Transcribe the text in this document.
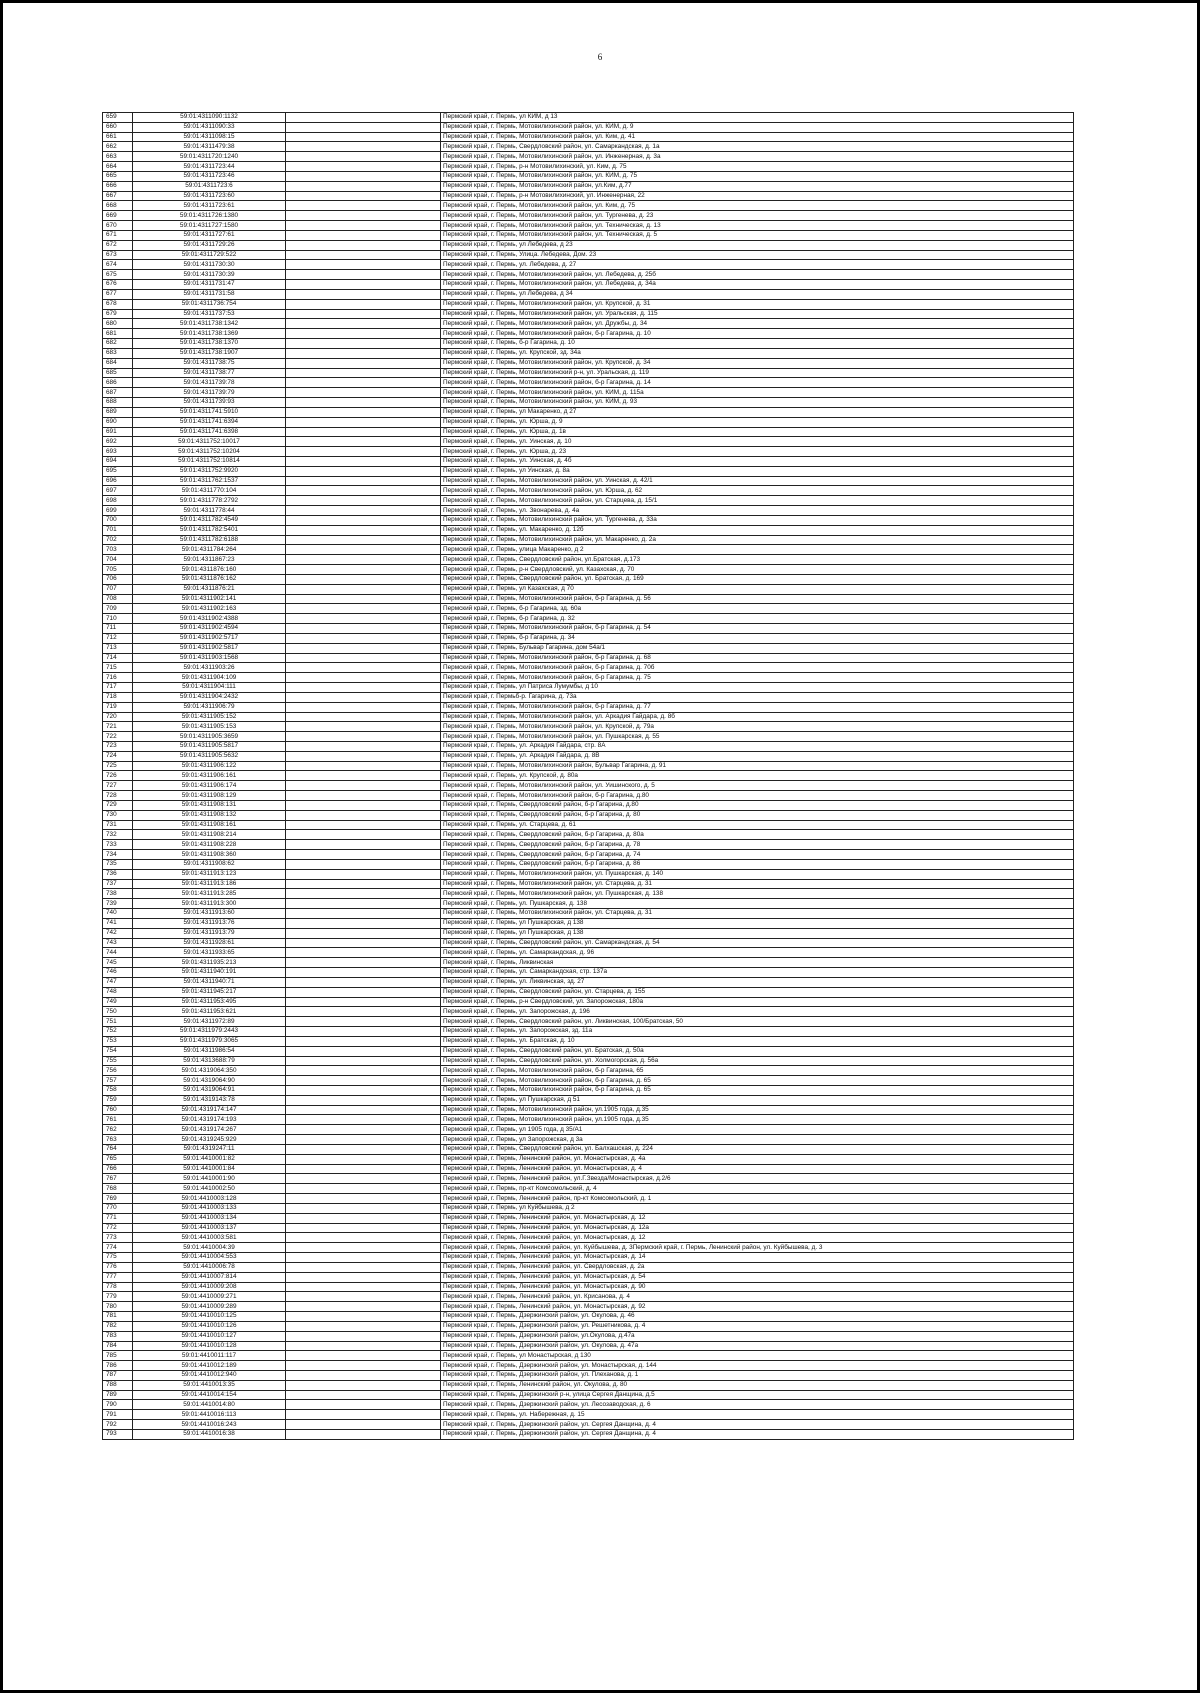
6
659	59:01:4311090:1132		Пермский край, г. Пермь, ул КИМ, д 13
660	59:01:4311090:33		Пермский край, г. Пермь, Мотовилихинский район, ул. КИМ, д. 9
661	59:01:4311098:15		Пермский край, г. Пермь, Мотовилихинский район, ул. Ким, д. 41
662	59:01:4311479:38		Пермский край, г. Пермь, Свердловский район, ул. Самаркандская, д. 1а
663	59:01:4311720:1240		Пермский край, г. Пермь, Мотовилихинский район, ул. Инженерная, д. 3а
664	59:01:4311723:44		Пермский край, г. Пермь, р-н Мотовилихинский, ул. Ким, д. 75
665	59:01:4311723:46		Пермский край, г. Пермь, Мотовилихинский район, ул. КИМ, д. 75
666	59:01:4311723:6		Пермский край, г. Пермь, Мотовилихинский район, ул.Ким, д.77
667	59:01:4311723:60		Пермский край, г. Пермь, р-н Мотовилихинский, ул. Инженерная, 22
668	59:01:4311723:61		Пермский край, г. Пермь, Мотовилихинский район, ул. Ким, д. 75
669	59:01:4311726:1380		Пермский край, г. Пермь, Мотовилихинский район, ул. Тургенева, д. 23
670	59:01:4311727:1580		Пермский край, г. Пермь, Мотовилихинский район, ул. Техническая, д. 13
671	59:01:4311727:61		Пермский край, г. Пермь, Мотовилихинский район, ул. Техническая, д. 5
672	59:01:4311729:26		Пермский край, г. Пермь, ул Лебедева, д 23
673	59:01:4311729:522		Пермский край, г. Пермь, Улица. Лебедева, Дом. 23
674	59:01:4311730:30		Пермский край, г. Пермь, ул. Лебедева, д. 27
675	59:01:4311730:39		Пермский край, г. Пермь, Мотовилихинский район, ул. Лебедева, д. 25б
676	59:01:4311731:47		Пермский край, г. Пермь, Мотовилихинский район, ул. Лебедева, д. 34а
677	59:01:4311731:58		Пермский край, г. Пермь, ул Лебедева, д 34
678	59:01:4311736:754		Пермский край, г. Пермь, Мотовилихинский район, ул. Крупской, д. 31
679	59:01:4311737:53		Пермский край, г. Пермь, Мотовилихинский район, ул. Уральская, д. 115
680	59:01:4311738:1342		Пермский край, г. Пермь, Мотовилихинский район, ул. Дружбы, д. 34
681	59:01:4311738:1369		Пермский край, г. Пермь, Мотовилихинский район, б-р Гагарина, д. 10
682	59:01:4311738:1370		Пермский край, г. Пермь, б-р Гагарина, д. 10
683	59:01:4311738:1907		Пермский край, г. Пермь, ул. Крупской, зд. 34а
684	59:01:4311738:75		Пермский край, г. Пермь, Мотовилихинский район, ул. Крупской, д. 34
685	59:01:4311738:77		Пермский край, г. Пермь, Мотовилихинский р-н, ул. Уральская, д. 119
686	59:01:4311739:78		Пермский край, г. Пермь, Мотовилихинский район, б-р Гагарина, д. 14
687	59:01:4311739:79		Пермский край, г. Пермь, Мотовилихинский район, ул. КИМ, д. 115а
688	59:01:4311739:93		Пермский край, г. Пермь, Мотовилихинский район, ул. КИМ, д. 93
689	59:01:4311741:5910		Пермский край, г. Пермь, ул Макаренко, д 27
690	59:01:4311741:6394		Пермский край, г. Пермь, ул. Юрша, д. 9
691	59:01:4311741:6398		Пермский край, г. Пермь, ул. Юрша, д. 1в
692	59:01:4311752:10017		Пермский край, г. Пермь, ул. Уинская, д. 10
693	59:01:4311752:10204		Пермский край, г. Пермь, ул. Юрша, д. 23
694	59:01:4311752:10814		Пермский край, г. Пермь, ул. Уинская, д. 4б
695	59:01:4311752:9920		Пермский край, г. Пермь, ул Уинская, д. 8а
696	59:01:4311762:1537		Пермский край, г. Пермь, Мотовилихинский район, ул. Уинская, д. 42/1
697	59:01:4311770:104		Пермский край, г. Пермь, Мотовилихинский район, ул. Юрша, д. 62
698	59:01:4311778:2792		Пермский край, г. Пермь, Мотовилихинский район, ул. Старцева, д. 15/1
699	59:01:4311778:44		Пермский край, г. Пермь, ул. Звонарева, д. 4а
700	59:01:4311782:4549		Пермский край, г. Пермь, Мотовилихинский район, ул. Тургенева, д. 33а
701	59:01:4311782:5401		Пермский край, г. Пермь, ул. Макаренко, д. 12б
702	59:01:4311782:6188		Пермский край, г. Пермь, Мотовилихинский район, ул. Макаренко, д. 2а
703	59:01:4311784:264		Пермский край, г. Пермь, улица Макаренко, д 2
704	59:01:4311867:23		Пермский край, г. Пермь, Свердловский район, ул.Братская, д.173
705	59:01:4311876:160		Пермский край, г. Пермь, р-н Свердловский, ул. Казахская, д. 70
706	59:01:4311876:162		Пермский край, г. Пермь, Свердловский район, ул. Братская, д. 169
707	59:01:4311876:21		Пермский край, г. Пермь, ул Казахская, д 70
708	59:01:4311902:141		Пермский край, г. Пермь, Мотовилихинский район, б-р Гагарина, д. 56
709	59:01:4311902:163		Пермский край, г. Пермь, б-р Гагарина, зд. 60а
710	59:01:4311902:4388		Пермский край, г. Пермь, б-р Гагарина, д. 32
711	59:01:4311902:4594		Пермский край, г. Пермь, Мотовилихинский район, б-р Гагарина, д. 54
712	59:01:4311902:5717		Пермский край, г. Пермь, б-р Гагарина, д. 34
713	59:01:4311902:5817		Пермский край, г. Пермь, Бульвар Гагарина, дом 54а/1
714	59:01:4311903:1568		Пермский край, г. Пермь, Мотовилихинский район, б-р Гагарина, д. 68
715	59:01:4311903:26		Пермский край, г. Пермь, Мотовилихинский район, б-р Гагарина, д. 70б
716	59:01:4311904:109		Пермский край, г. Пермь, Мотовилихинский район, б-р Гагарина, д. 75
717	59:01:4311904:111		Пермский край, г. Пермь, ул Патриса Лумумбы, д 10
718	59:01:4311904:2432		Пермский край, г. Пермьб-р. Гагарина, д. 73а
719	59:01:4311906:79		Пермский край, г. Пермь, Мотовилихинский район, б-р Гагарина, д. 77
720	59:01:4311905:152		Пермский край, г. Пермь, Мотовилихинский район, ул. Аркадия Гайдара, д. 8б
721	59:01:4311905:153		Пермский край, г. Пермь, Мотовилихинский район, ул. Крупской, д. 79а
722	59:01:4311905:3659		Пермский край, г. Пермь, Мотовилихинский район, ул. Пушкарская, д. 55
723	59:01:4311905:5817		Пермский край, г. Пермь, ул. Аркадия Гайдара, стр. 8А
724	59:01:4311905:5632		Пермский край, г. Пермь, ул. Аркадия Гайдара, д. 8В
725	59:01:4311906:122		Пермский край, г. Пермь, Мотовилихинский район, Бульвар Гагарина, д. 91
726	59:01:4311906:161		Пермский край, г. Пермь, ул. Крупской, д. 80а
727	59:01:4311906:174		Пермский край, г. Пермь, Мотовилихинский район, ул. Уишинского, д. 5
728	59:01:4311908:129		Пермский край, г. Пермь, Мотовилихинский район, б-р Гагарина, д.80
729	59:01:4311908:131		Пермский край, г. Пермь, Свердловский район, б-р Гагарина, д.80
730	59:01:4311908:132		Пермский край, г. Пермь, Свердловский район, б-р Гагарина, д. 80
731	59:01:4311908:161		Пермский край, г. Пермь, ул. Старцева, д. 61
732	59:01:4311908:214		Пермский край, г. Пермь, Свердловский район, б-р Гагарина, д. 80а
733	59:01:4311908:228		Пермский край, г. Пермь, Свердловский район, б-р Гагарина, д. 78
734	59:01:4311908:360		Пермский край, г. Пермь, Свердловский район, б-р Гагарина, д. 74
735	59:01:4311908:62		Пермский край, г. Пермь, Свердловский район, б-р Гагарина, д. 86
736	59:01:4311913:123		Пермский край, г. Пермь, Мотовилихинский район, ул. Пушкарская, д. 140
737	59:01:4311913:186		Пермский край, г. Пермь, Мотовилихинский район, ул. Старцева, д. 31
738	59:01:4311913:285		Пермский край, г. Пермь, Мотовилихинский район, ул. Пушкарская, д. 138
739	59:01:4311913:300		Пермский край, г. Пермь, ул. Пушкарская, д. 138
740	59:01:4311913:60		Пермский край, г. Пермь, Мотовилихинский район, ул. Старцева, д. 31
741	59:01:4311913:76		Пермский край, г. Пермь, ул Пушкарская, д 138
742	59:01:4311913:79		Пермский край, г. Пермь, ул Пушкарская, д 138
743	59:01:4311928:61		Пермский край, г. Пермь, Свердловский район, ул. Самаркандская, д. 54
744	59:01:4311933:65		Пермский край, г. Пермь, ул. Самаркандская, д. 96
745	59:01:4311935:213		Пермский край, г. Пермь, Ликвинская
746	59:01:4311940:191		Пермский край, г. Пермь, ул. Самаркандская, стр. 137а
747	59:01:4311940:71		Пермский край, г. Пермь, ул. Ликвинская, зд. 27
748	59:01:4311945:217		Пермский край, г. Пермь, Свердловский район, ул. Старцева, д. 155
749	59:01:4311953:495		Пермский край, г. Пермь, р-н Свердловский, ул. Запорожская, 180а
750	59:01:4311953:621		Пермский край, г. Пермь, ул. Запорожская, д. 196
751	59:01:4311972:89		Пермский край, г. Пермь, Свердловский район, ул. Ликвинская, 100/Братская, 50
752	59:01:4311979:2443		Пермский край, г. Пермь, ул. Запорожская, зд. 11а
753	59:01:4311979:3065		Пермский край, г. Пермь, ул. Братская, д. 10
754	59:01:4311986:54		Пермский край, г. Пермь, Свердловский район, ул. Братская, д. 50а
755	59:01:4313688:79		Пермский край, г. Пермь, Свердловский район, ул. Холмогорская, д. 56а
756	59:01:4319064:350		Пермский край, г. Пермь, Мотовилихинский район, б-р Гагарина, 65
757	59:01:4319064:90		Пермский край, г. Пермь, Мотовилихинский район, б-р Гагарина, д. 65
758	59:01:4319064:91		Пермский край, г. Пермь, Мотовилихинский район, б-р Гагарина, д. 65
759	59:01:4319143:78		Пермский край, г. Пермь, ул Пушкарская, д 51
760	59:01:4319174:147		Пермский край, г. Пермь, Мотовилихинский район, ул.1905 года, д.35
761	59:01:4319174:193		Пермский край, г. Пермь, Мотовилихинский район, ул.1905 года, д.35
762	59:01:4319174:267		Пермский край, г. Пермь, ул 1905 года, д 35/А1
763	59:01:4319245:929		Пермский край, г. Пермь, ул Запорожская, д 3а
764	59:01:4319247:11		Пермский край, г. Пермь, Свердловский район, ул. Балхашская, д. 224
765	59:01:4410001:82		Пермский край, г. Пермь, Ленинский район, ул. Монастырская, д. 4а
766	59:01:4410001:84		Пермский край, г. Пермь, Ленинский район, ул. Монастырская, д. 4
767	59:01:4410001:90		Пермский край, г. Пермь, Ленинский район, ул.Г.Звезда/Монастырская, д.2/6
768	59:01:4410002:50		Пермский край, г. Пермь, пр-кт Комсомольский, д. 4
769	59:01:4410003:128		Пермский край, г. Пермь, Ленинский район, пр-кт Комсомольский, д. 1
770	59:01:4410003:133		Пермский край, г. Пермь, ул Куйбышева, д 2
771	59:01:4410003:134		Пермский край, г. Пермь, Ленинский район, ул. Монастырская, д. 12
772	59:01:4410003:137		Пермский край, г. Пермь, Ленинский район, ул. Монастырская, д. 12а
773	59:01:4410003:581		Пермский край, г. Пермь, Ленинский район, ул. Монастырская, д. 12
774	59:01:4410004:39		Пермский край, г. Пермь, Ленинский район, ул. Куйбышева, д. 3Пермский край, г. Пермь, Ленинский район, ул. Куйбышева, д. 3
775	59:01:4410004:553		Пермский край, г. Пермь, Ленинский район, ул. Монастырская, д. 14
776	59:01:4410006:78		Пермский край, г. Пермь, Ленинский район, ул. Свердловская, д. 2а
777	59:01:4410007:814		Пермский край, г. Пермь, Ленинский район, ул. Монастырская, д. 54
778	59:01:4410009:208		Пермский край, г. Пермь, Ленинский район, ул. Монастырская, д. 90
779	59:01:4410009:271		Пермский край, г. Пермь, Ленинский район, ул. Крисанова, д. 4
780	59:01:4410009:289		Пермский край, г. Пермь, Ленинский район, ул. Монастырская, д. 92
781	59:01:4410010:125		Пермский край, г. Пермь, Дзержинский район, ул. Окулова, д. 46
782	59:01:4410010:126		Пермский край, г. Пермь, Дзержинский район, ул. Решетникова, д. 4
783	59:01:4410010:127		Пермский край, г. Пермь, Дзержинский район, ул.Окулова, д.47а
784	59:01:4410010:128		Пермский край, г. Пермь, Дзержинский район, ул. Окулова, д. 47а
785	59:01:4410011:117		Пермский край, г. Пермь, ул Монастырская, д 130
786	59:01:4410012:189		Пермский край, г. Пермь, Дзержинский район, ул. Монастырская, д. 144
787	59:01:4410012:940		Пермский край, г. Пермь, Дзержинский район, ул. Плеханова, д. 1
788	59:01:4410013:35		Пермский край, г. Пермь, Ленинский район, ул. Окулова, д. 80
789	59:01:4410014:154		Пермский край, г. Пермь, Дзержинский р-н, улица Сергея Данщина, д.5
790	59:01:4410014:80		Пермский край, г. Пермь, Дзержинский район, ул. Лесозаводская, д. 6
791	59:01:4410016:113		Пермский край, г. Пермь, ул. Набережная, д. 15
792	59:01:4410016:243		Пермский край, г. Пермь, Дзержинский район, ул. Сергея Данщина, д. 4
793	59:01:4410016:38		Пермский край, г. Пермь, Дзержинский район, ул. Сергея Данщина, д. 4
